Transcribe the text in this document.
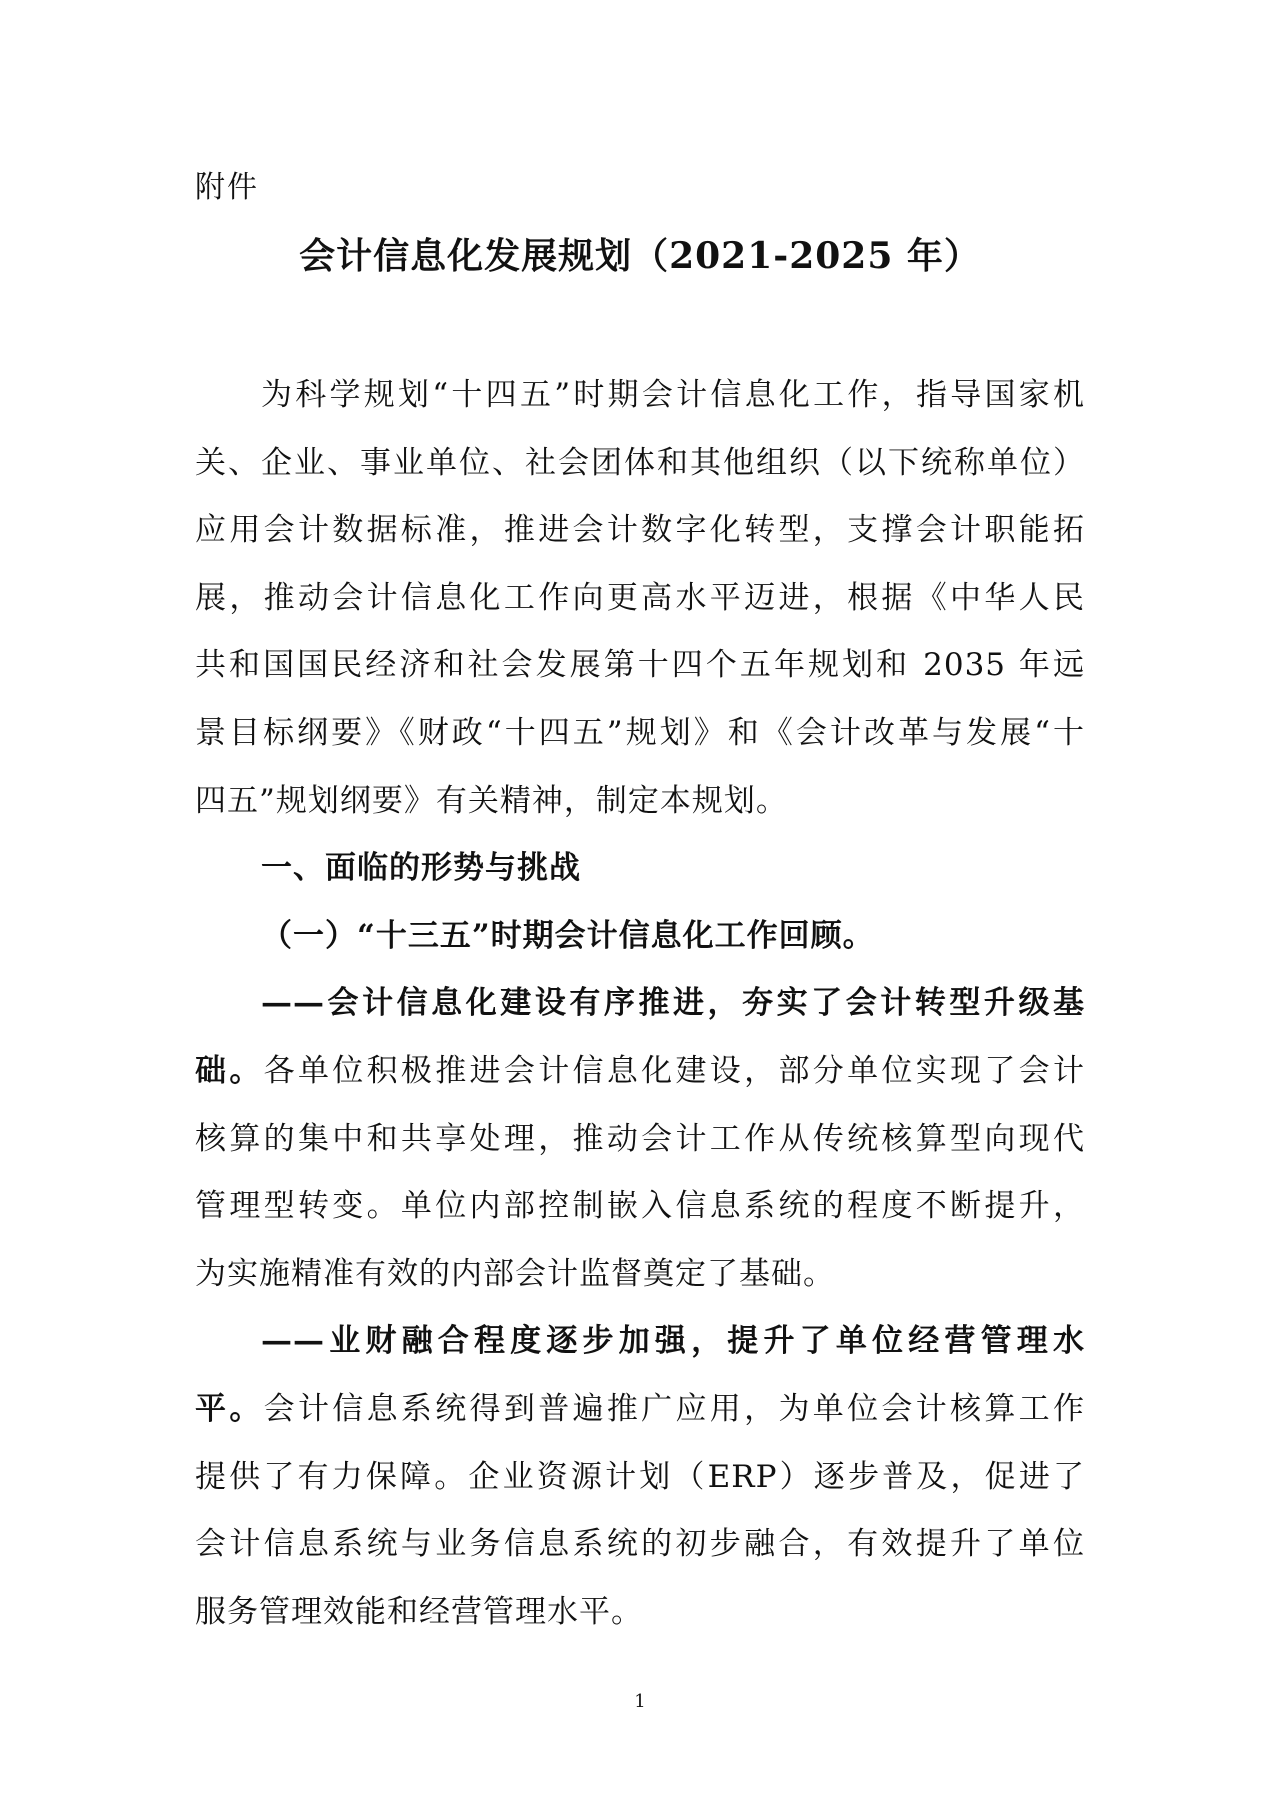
附件
会计信息化发展规划（2021-2025 年）
为科学规划“十四五”时期会计信息化工作，指导国家机
关、企业、事业单位、社会团体和其他组织（以下统称单位）
应用会计数据标准，推进会计数字化转型，支撑会计职能拓
展，推动会计信息化工作向更高水平迈进，根据《中华人民
共和国国民经济和社会发展第十四个五年规划和 2035 年远
景目标纲要》《财政“十四五”规划》和《会计改革与发展“十
四五”规划纲要》有关精神，制定本规划。
一、面临的形势与挑战
（一）“十三五”时期会计信息化工作回顾。
——会计信息化建设有序推进，夯实了会计转型升级基
础。各单位积极推进会计信息化建设，部分单位实现了会计
核算的集中和共享处理，推动会计工作从传统核算型向现代
管理型转变。单位内部控制嵌入信息系统的程度不断提升，
为实施精准有效的内部会计监督奠定了基础。
——业财融合程度逐步加强，提升了单位经营管理水
平。会计信息系统得到普遍推广应用，为单位会计核算工作
提供了有力保障。企业资源计划（ERP）逐步普及，促进了
会计信息系统与业务信息系统的初步融合，有效提升了单位
服务管理效能和经营管理水平。
1
